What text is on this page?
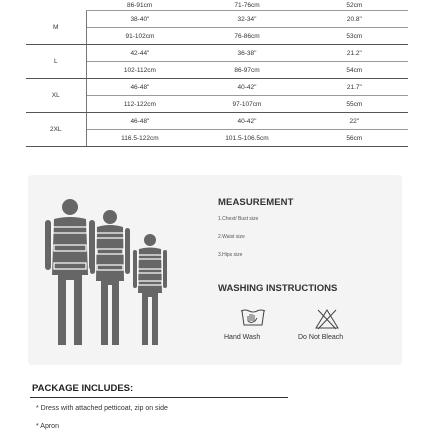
	86-91cm	71-76cm	52cm
M	38-40"	32-34"	20.8"
	91-102cm	76-86cm	53cm
L	42-44"	36-38"	21.2"
	102-112cm	86-97cm	54cm
XL	46-48"	40-42"	21.7"
	112-122cm	97-107cm	55cm
2XL	46-48"	40-42"	22"
	116.5-122cm	101.5-106.5cm	56cm
MEASUREMENT
1.Chest/ Bust size
2.Waist size
3.Hips size
WASHING INSTRUCTIONS
Hand Wash	Do Not Bleach
PACKAGE INCLUDES:
* Dress with attached petticoat, zip on side
* Apron
